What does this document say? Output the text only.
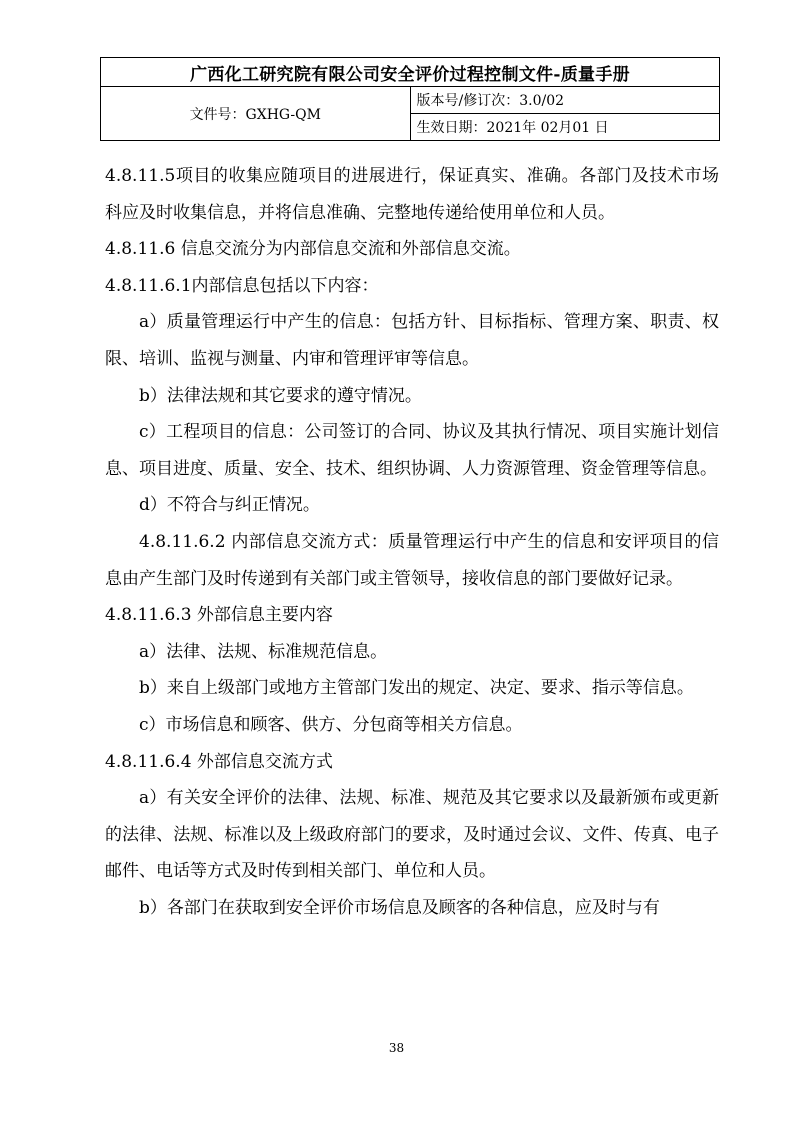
广西化工研究院有限公司安全评价过程控制文件-质量手册
文件号：GXHG-QM	版本号/修订次：3.0/02
生效日期：2021年 02月01 日

4.8.11.5项目的收集应随项目的进展进行，保证真实、准确。各部门及技术市场科应及时收集信息，并将信息准确、完整地传递给使用单位和人员。

4.8.11.6 信息交流分为内部信息交流和外部信息交流。

4.8.11.6.1内部信息包括以下内容：

a）质量管理运行中产生的信息：包括方针、目标指标、管理方案、职责、权限、培训、监视与测量、内审和管理评审等信息。

b）法律法规和其它要求的遵守情况。

c）工程项目的信息：公司签订的合同、协议及其执行情况、项目实施计划信息、项目进度、质量、安全、技术、组织协调、人力资源管理、资金管理等信息。

d）不符合与纠正情况。

4.8.11.6.2 内部信息交流方式：质量管理运行中产生的信息和安评项目的信息由产生部门及时传递到有关部门或主管领导，接收信息的部门要做好记录。

4.8.11.6.3 外部信息主要内容

a）法律、法规、标准规范信息。

b）来自上级部门或地方主管部门发出的规定、决定、要求、指示等信息。

c）市场信息和顾客、供方、分包商等相关方信息。

4.8.11.6.4 外部信息交流方式

a）有关安全评价的法律、法规、标准、规范及其它要求以及最新颁布或更新的法律、法规、标准以及上级政府部门的要求，及时通过会议、文件、传真、电子邮件、电话等方式及时传到相关部门、单位和人员。

b）各部门在获取到安全评价市场信息及顾客的各种信息，应及时与有

38
